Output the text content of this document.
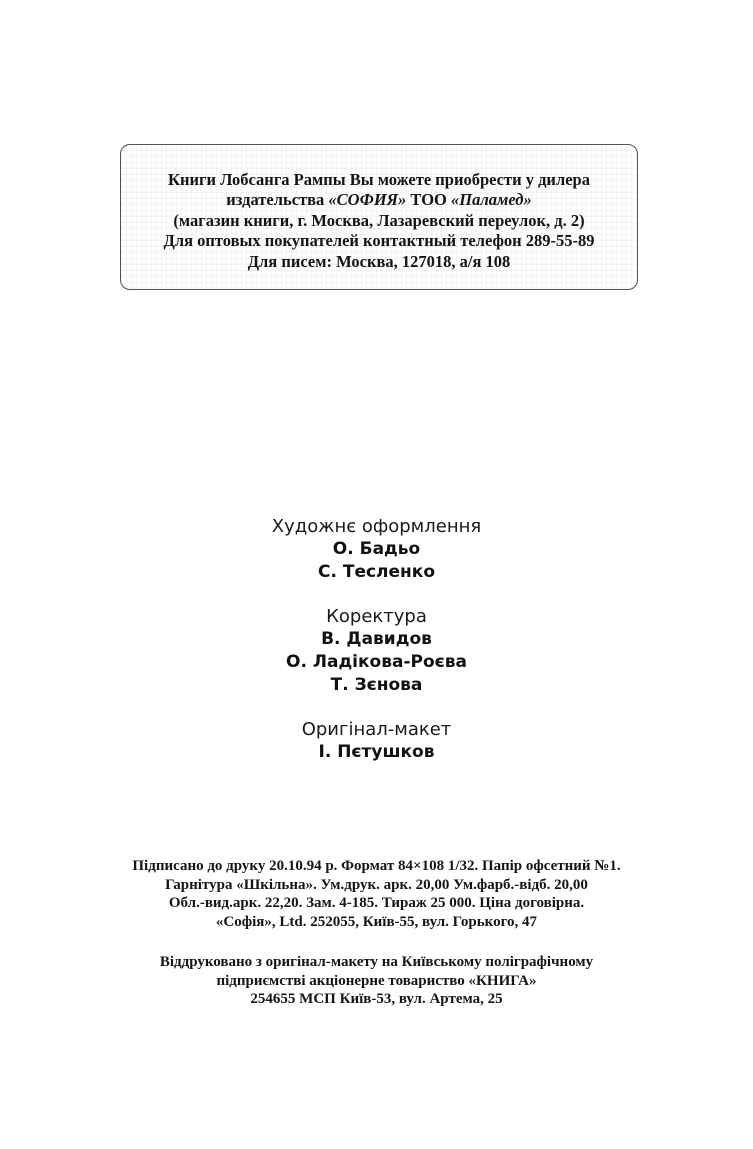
Книги Лобсанга Рампы Вы можете приобрести у дилера
издательства «СОФИЯ» ТОО «Паламед»
(магазин книги, г. Москва, Лазаревский переулок, д. 2)
Для оптовых покупателей контактный телефон 289-55-89
Для писем: Москва, 127018, а/я 108
Художнє оформлення
О. Бадьо
С. Тесленко
Коректура
В. Давидов
О. Ладікова-Роєва
Т. Зєнова
Оригінал-макет
І. Пєтушков
Підписано до друку 20.10.94 р. Формат 84×108 1/32. Папір офсетний №1.
Гарнітура «Шкільна». Ум.друк. арк. 20,00 Ум.фарб.-відб. 20,00
Обл.-вид.арк. 22,20. Зам. 4-185. Тираж 25 000. Ціна договірна.
«Софія», Ltd. 252055, Київ-55, вул. Горького, 47
Віддруковано з оригінал-макету на Київському поліграфічному
підприємстві акціонерне товариство «КНИГА»
254655 МСП Київ-53, вул. Артема, 25
